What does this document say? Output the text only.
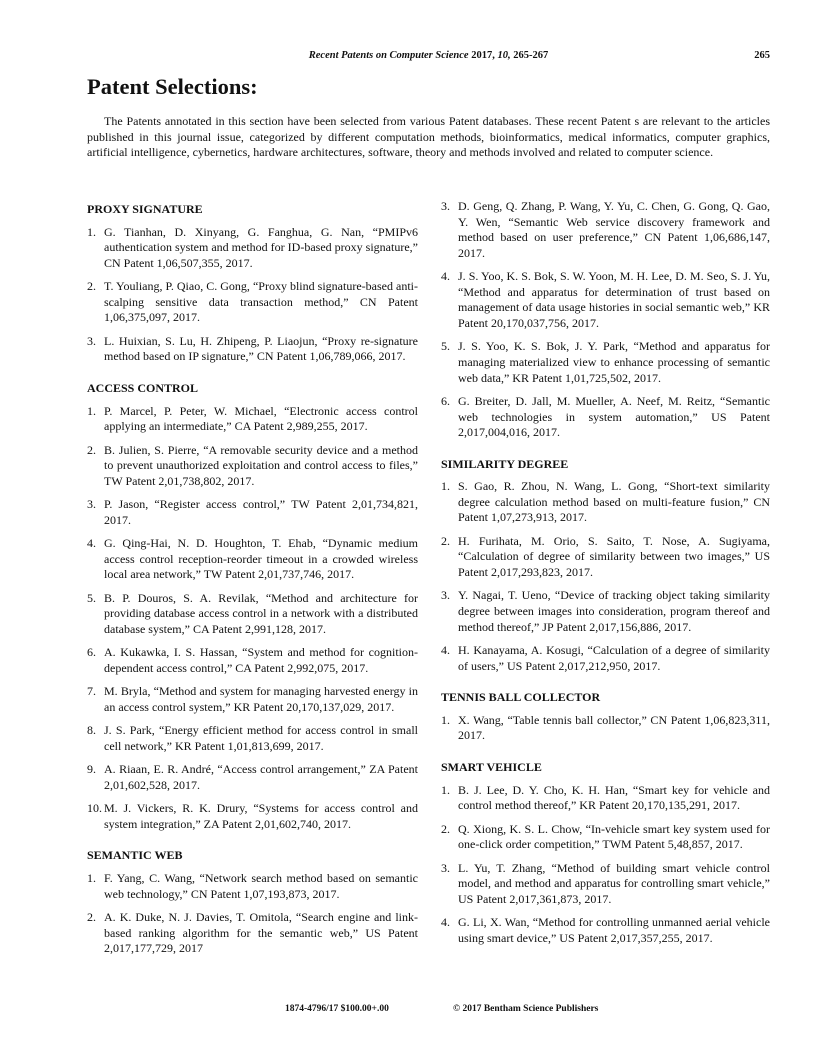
Recent Patents on Computer Science 2017, 10, 265-267	265
Patent Selections:

The Patents annotated in this section have been selected from various Patent databases. These recent Patent s are relevant to the articles published in this journal issue, categorized by different computation methods, bioinformatics, medical informatics, computer graphics, artificial intelligence, cybernetics, hardware architectures, software, theory and methods involved and related to computer science.

PROXY SIGNATURE
1. G. Tianhan, D. Xinyang, G. Fanghua, G. Nan, “PMIPv6 authentication system and method for ID-based proxy signature,” CN Patent 1,06,507,355, 2017.
2. T. Youliang, P. Qiao, C. Gong, “Proxy blind signature-based anti-scalping sensitive data transaction method,” CN Patent 1,06,375,097, 2017.
3. L. Huixian, S. Lu, H. Zhipeng, P. Liaojun, “Proxy re-signature method based on IP signature,” CN Patent 1,06,789,066, 2017.
ACCESS CONTROL
1. P. Marcel, P. Peter, W. Michael, “Electronic access control applying an intermediate,” CA Patent 2,989,255, 2017.
2. B. Julien, S. Pierre, “A removable security device and a method to prevent unauthorized exploitation and control access to files,” TW Patent 2,01,738,802, 2017.
3. P. Jason, “Register access control,” TW Patent 2,01,734,821, 2017.
4. G. Qing-Hai, N. D. Houghton, T. Ehab, “Dynamic medium access control reception-reorder timeout in a crowded wireless local area network,” TW Patent 2,01,737,746, 2017.
5. B. P. Douros, S. A. Revilak, “Method and architecture for providing database access control in a network with a distributed database system,” CA Patent 2,991,128, 2017.
6. A. Kukawka, I. S. Hassan, “System and method for cognition-dependent access control,” CA Patent 2,992,075, 2017.
7. M. Bryla, “Method and system for managing harvested energy in an access control system,” KR Patent 20,170,137,029, 2017.
8. J. S. Park, “Energy efficient method for access control in small cell network,” KR Patent 1,01,813,699, 2017.
9. A. Riaan, E. R. André, “Access control arrangement,” ZA Patent 2,01,602,528, 2017.
10. M. J. Vickers, R. K. Drury, “Systems for access control and system integration,” ZA Patent 2,01,602,740, 2017.
SEMANTIC WEB
1. F. Yang, C. Wang, “Network search method based on semantic web technology,” CN Patent 1,07,193,873, 2017.
2. A. K. Duke, N. J. Davies, T. Omitola, “Search engine and link-based ranking algorithm for the semantic web,” US Patent 2,017,177,729, 2017
3. D. Geng, Q. Zhang, P. Wang, Y. Yu, C. Chen, G. Gong, Q. Gao, Y. Wen, “Semantic Web service discovery framework and method based on user preference,” CN Patent 1,06,686,147, 2017.
4. J. S. Yoo, K. S. Bok, S. W. Yoon, M. H. Lee, D. M. Seo, S. J. Yu, “Method and apparatus for determination of trust based on management of data usage histories in social semantic web,” KR Patent 20,170,037,756, 2017.
5. J. S. Yoo, K. S. Bok, J. Y. Park, “Method and apparatus for managing materialized view to enhance processing of semantic web data,” KR Patent 1,01,725,502, 2017.
6. G. Breiter, D. Jall, M. Mueller, A. Neef, M. Reitz, “Semantic web technologies in system automation,” US Patent 2,017,004,016, 2017.
SIMILARITY DEGREE
1. S. Gao, R. Zhou, N. Wang, L. Gong, “Short-text similarity degree calculation method based on multi-feature fusion,” CN Patent 1,07,273,913, 2017.
2. H. Furihata, M. Orio, S. Saito, T. Nose, A. Sugiyama, “Calculation of degree of similarity between two images,” US Patent 2,017,293,823, 2017.
3. Y. Nagai, T. Ueno, “Device of tracking object taking similarity degree between images into consideration, program thereof and method thereof,” JP Patent 2,017,156,886, 2017.
4. H. Kanayama, A. Kosugi, “Calculation of a degree of similarity of users,” US Patent 2,017,212,950, 2017.
TENNIS BALL COLLECTOR
1. X. Wang, “Table tennis ball collector,” CN Patent 1,06,823,311, 2017.
SMART VEHICLE
1. B. J. Lee, D. Y. Cho, K. H. Han, “Smart key for vehicle and control method thereof,” KR Patent 20,170,135,291, 2017.
2. Q. Xiong, K. S. L. Chow, “In-vehicle smart key system used for one-click order competition,” TWM Patent 5,48,857, 2017.
3. L. Yu, T. Zhang, “Method of building smart vehicle control model, and method and apparatus for controlling smart vehicle,” US Patent 2,017,361,873, 2017.
4. G. Li, X. Wan, “Method for controlling unmanned aerial vehicle using smart device,” US Patent 2,017,357,255, 2017.
1874-4796/17 $100.00+.00	© 2017 Bentham Science Publishers
